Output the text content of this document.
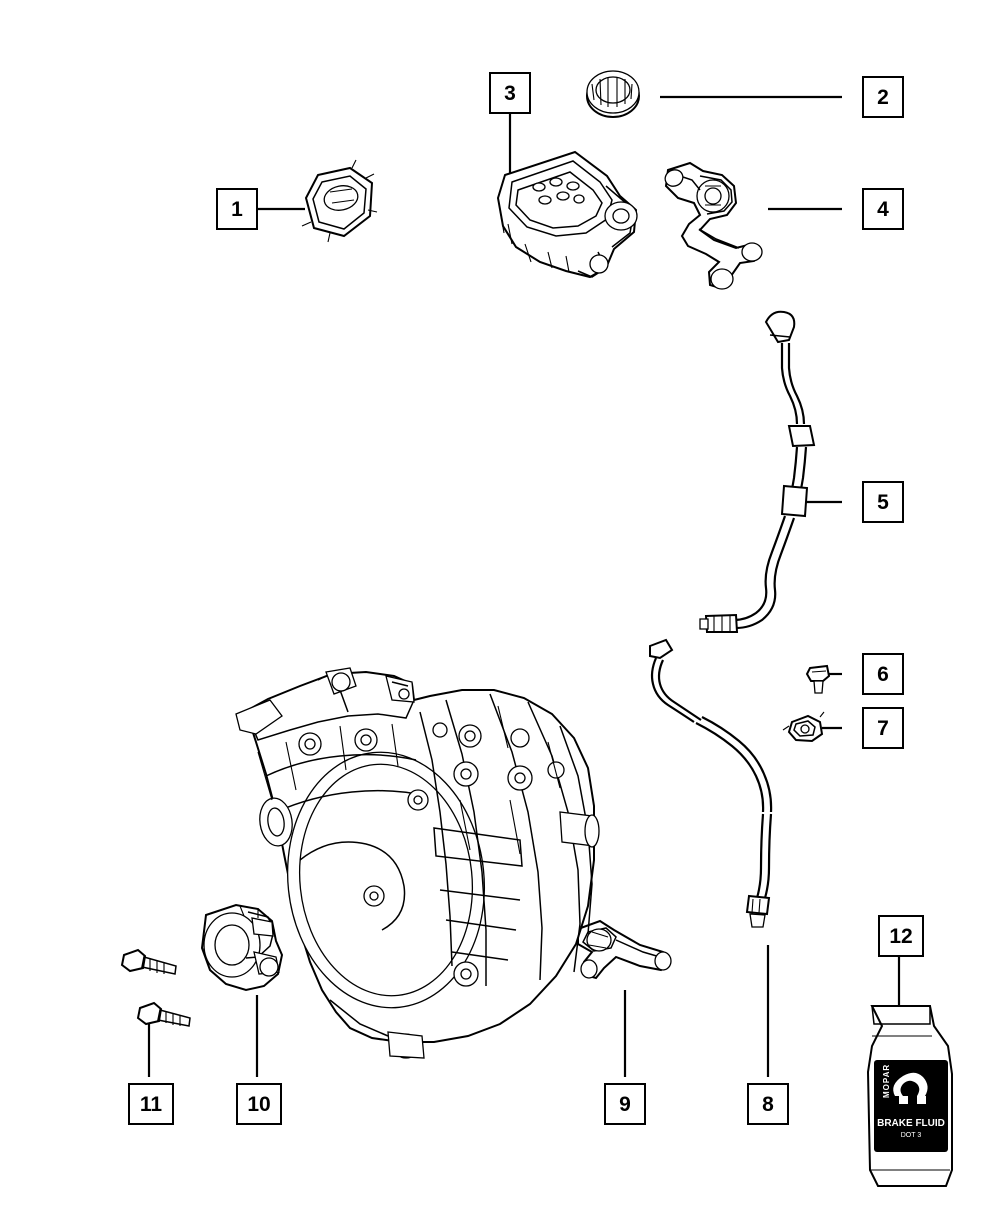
MOPAR
BRAKE FLUID
DOT 3
1
2
3
4
5
6
7
8
9
10
11
12
